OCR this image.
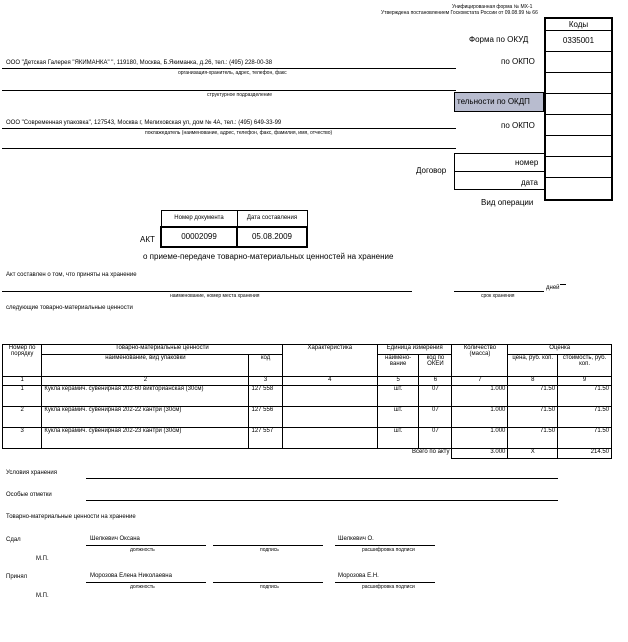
Унифицированная форма № МХ-1
Утверждена постановлением Госкомстата России от 09.08.99 № 66
Коды
0335001
Форма по ОКУД
по ОКПО
тельности по ОКДП
по ОКПО
Договор
номер
дата
Вид операции
ООО "Детская Галерея "ЯКИМАНКА" ", 119180, Москва, Б.Якиманка, д.26, тел.: (495) 228-00-38
организация-хранитель, адрес, телефон, факс
структурное подразделение
ООО "Современная упаковка", 127543, Москва г, Мелиховская ул, дом № 4А, тел.: (495) 649-33-99
поклажедатель (наименование, адрес, телефон, факс, фамилия, имя, отчество)
АКТ
Номер документа	Дата составления
00002099	05.08.2009
о приеме-передаче товарно-материальных ценностей на хранение
Акт составлен о том, что приняты на хранение
наименование, номер места хранения
дней
срок хранения
следующие товарно-материальные ценности
Номер по порядку	Товарно-материальные ценности		Характеристика	Единица измерения		Количество (масса)	Оценка	
	наименование, вид упаковки	код		наимено-вание	код по ОКЕИ		цена, руб. коп.	стоимость, руб. коп.
1	2	3	4	5	6	7	8	9
1	Кукла керамич. сувенирная 202-60 викторианская (30см)	127 558		шт.	07	1.000	71.50	71.50
2	Кукла керамич. сувенирная 202-22 кантри (30см)	127 556		шт.	07	1.000	71.50	71.50
3	Кукла керамич. сувенирная 202-23 кантри (30см)	127 557		шт.	07	1.000	71.50	71.50
Всего по акту						3.000	X	214.50
Условия хранения
Особые отметки
Товарно-материальные ценности на хранение
Сдал	Шелкевич Оксана	Шелкевич О.
должность	подпись	расшифровка подписи
М.П.
Принял	Морозова Елена Николаевна	Морозова Е.Н.
должность	подпись	расшифровка подписи
М.П.
